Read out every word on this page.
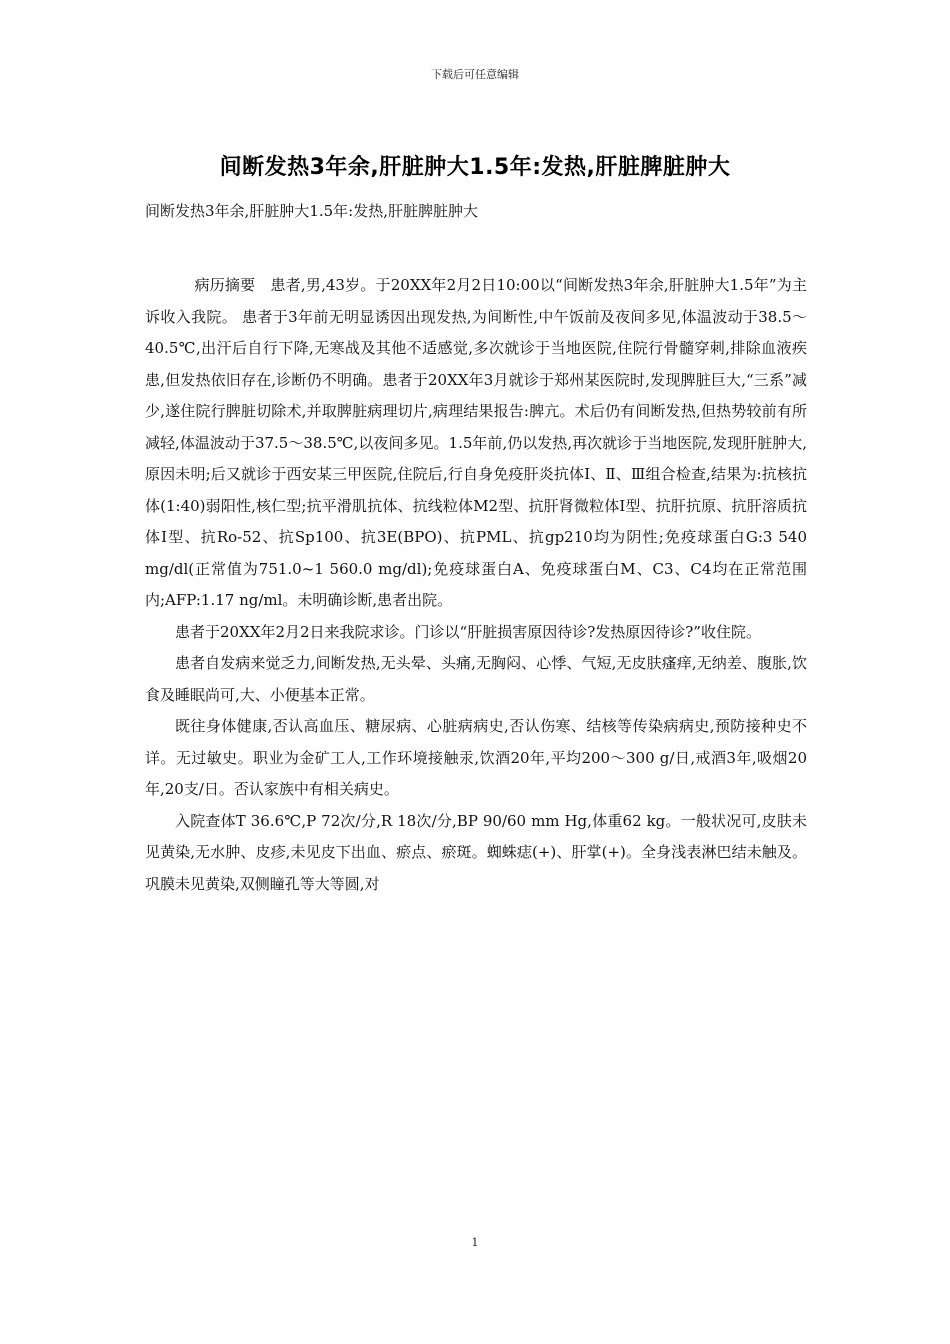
下载后可任意编辑
间断发热3年余,肝脏肿大1.5年:发热,肝脏脾脏肿大
间断发热3年余,肝脏肿大1.5年:发热,肝脏脾脏肿大

病历摘要　患者,男,43岁。于20XX年2月2日10:00以“间断发热3年余,肝脏肿大1.5年”为主诉收入我院。 患者于3年前无明显诱因出现发热,为间断性,中午饭前及夜间多见,体温波动于38.5～40.5℃,出汗后自行下降,无寒战及其他不适感觉,多次就诊于当地医院,住院行骨髓穿刺,排除血液疾患,但发热依旧存在,诊断仍不明确。患者于20XX年3月就诊于郑州某医院时,发现脾脏巨大,“三系”减少,遂住院行脾脏切除术,并取脾脏病理切片,病理结果报告:脾亢。术后仍有间断发热,但热势较前有所减轻,体温波动于37.5～38.5℃,以夜间多见。1.5年前,仍以发热,再次就诊于当地医院,发现肝脏肿大,原因未明;后又就诊于西安某三甲医院,住院后,行自身免疫肝炎抗体Ⅰ、Ⅱ、Ⅲ组合检查,结果为:抗核抗体(1:40)弱阳性,核仁型;抗平滑肌抗体、抗线粒体M2型、抗肝肾微粒体Ⅰ型、抗肝抗原、抗肝溶质抗体Ⅰ型、抗Ro-52、抗Sp100、抗3E(BPO)、抗PML、抗gp210均为阴性;免疫球蛋白G:3 540 mg/dl(正常值为751.0~1 560.0 mg/dl);免疫球蛋白A、免疫球蛋白M、C3、C4均在正常范围内;AFP:1.17 ng/ml。未明确诊断,患者出院。

患者于20XX年2月2日来我院求诊。门诊以“肝脏损害原因待诊?发热原因待诊?”收住院。

患者自发病来觉乏力,间断发热,无头晕、头痛,无胸闷、心悸、气短,无皮肤瘙痒,无纳差、腹胀,饮食及睡眠尚可,大、小便基本正常。

既往身体健康,否认高血压、糖尿病、心脏病病史,否认伤寒、结核等传染病病史,预防接种史不详。无过敏史。职业为金矿工人,工作环境接触汞,饮酒20年,平均200～300 g/日,戒酒3年,吸烟20年,20支/日。否认家族中有相关病史。

入院查体T 36.6℃,P 72次/分,R 18次/分,BP 90/60 mm Hg,体重62 kg。一般状况可,皮肤未见黄染,无水肿、皮疹,未见皮下出血、瘀点、瘀斑。蜘蛛痣(+)、肝掌(+)。全身浅表淋巴结未触及。巩膜未见黄染,双侧瞳孔等大等圆,对

1
